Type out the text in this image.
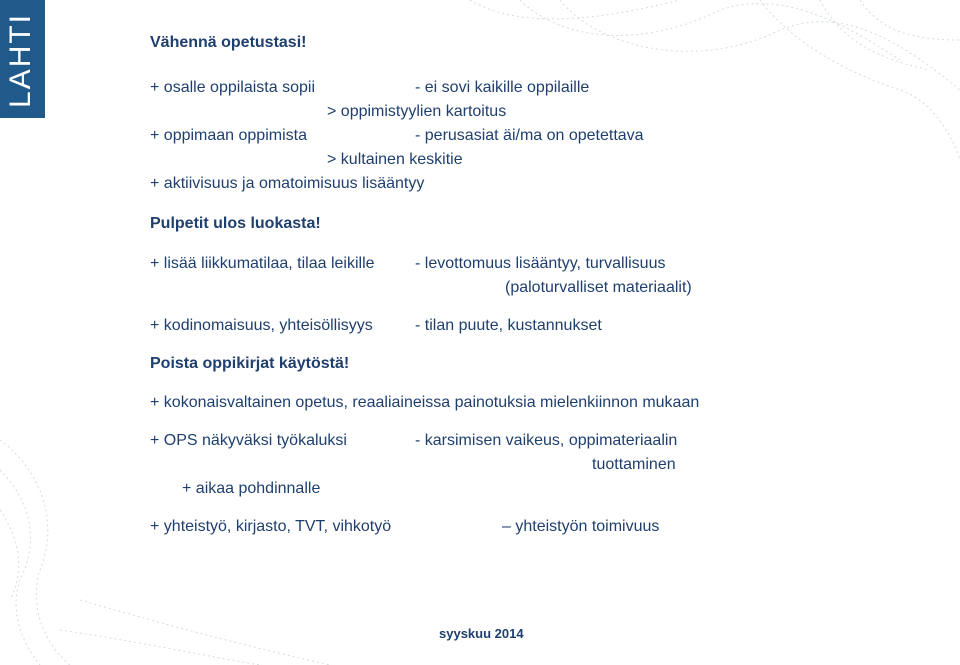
LAHTI	Vähennä opetustasi!
+ osalle oppilaista sopii	- ei sovi kaikille oppilaille
> oppimistyylien kartoitus
+ oppimaan oppimista	- perusasiat äi/ma on opetettava
> kultainen keskitie
+ aktiivisuus ja omatoimisuus lisääntyy
Pulpetit ulos luokasta!
+ lisää liikkumatilaa, tilaa leikille	- levottomuus lisääntyy, turvallisuus
(paloturvalliset materiaalit)
+ kodinomaisuus, yhteisöllisyys	- tilan puute, kustannukset
Poista oppikirjat käytöstä!
+ kokonaisvaltainen opetus, reaaliaineissa painotuksia mielenkiinnon mukaan
+ OPS näkyväksi työkaluksi	- karsimisen vaikeus, oppimateriaalin
tuottaminen
+ aikaa pohdinnalle
+ yhteistyö, kirjasto, TVT, vihkotyö	– yhteistyön toimivuus
syyskuu 2014
